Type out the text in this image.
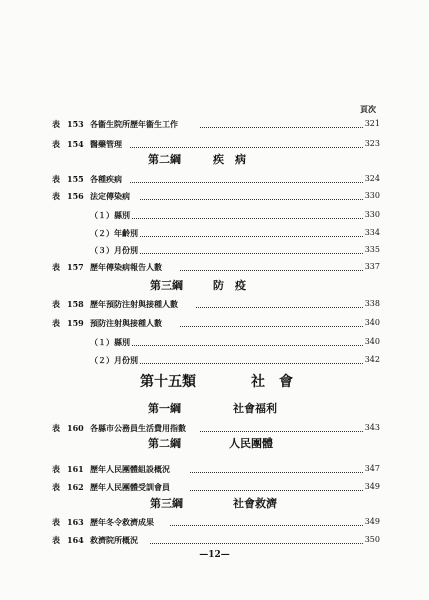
頁次
表 153 各衞生院所歷年衞生工作	321
表 154 醫藥管理	323
第二綱	疾　病
表 155 各種疾病	324
表 156 法定傳染病	330
（１）縣別	330
（２）年齡別	334
（３）月份別	335
表 157 歷年傳染病報告人數	337
第三綱	防　疫
表 158 歷年預防注射與接種人數	338
表 159 預防注射與接種人數	340
（１）縣別	340
（２）月份別	342
第十五類	社　會
第一綱	社會福利
表 160 各縣市公務員生活費用指數	343
第二綱	人民團體
表 161 歷年人民團體組設概況	347
表 162 歷年人民團體受訓會員	349
第三綱	社會救濟
表 163 歷年冬令救濟成果	349
表 164 救濟院所概況	350
—12—
